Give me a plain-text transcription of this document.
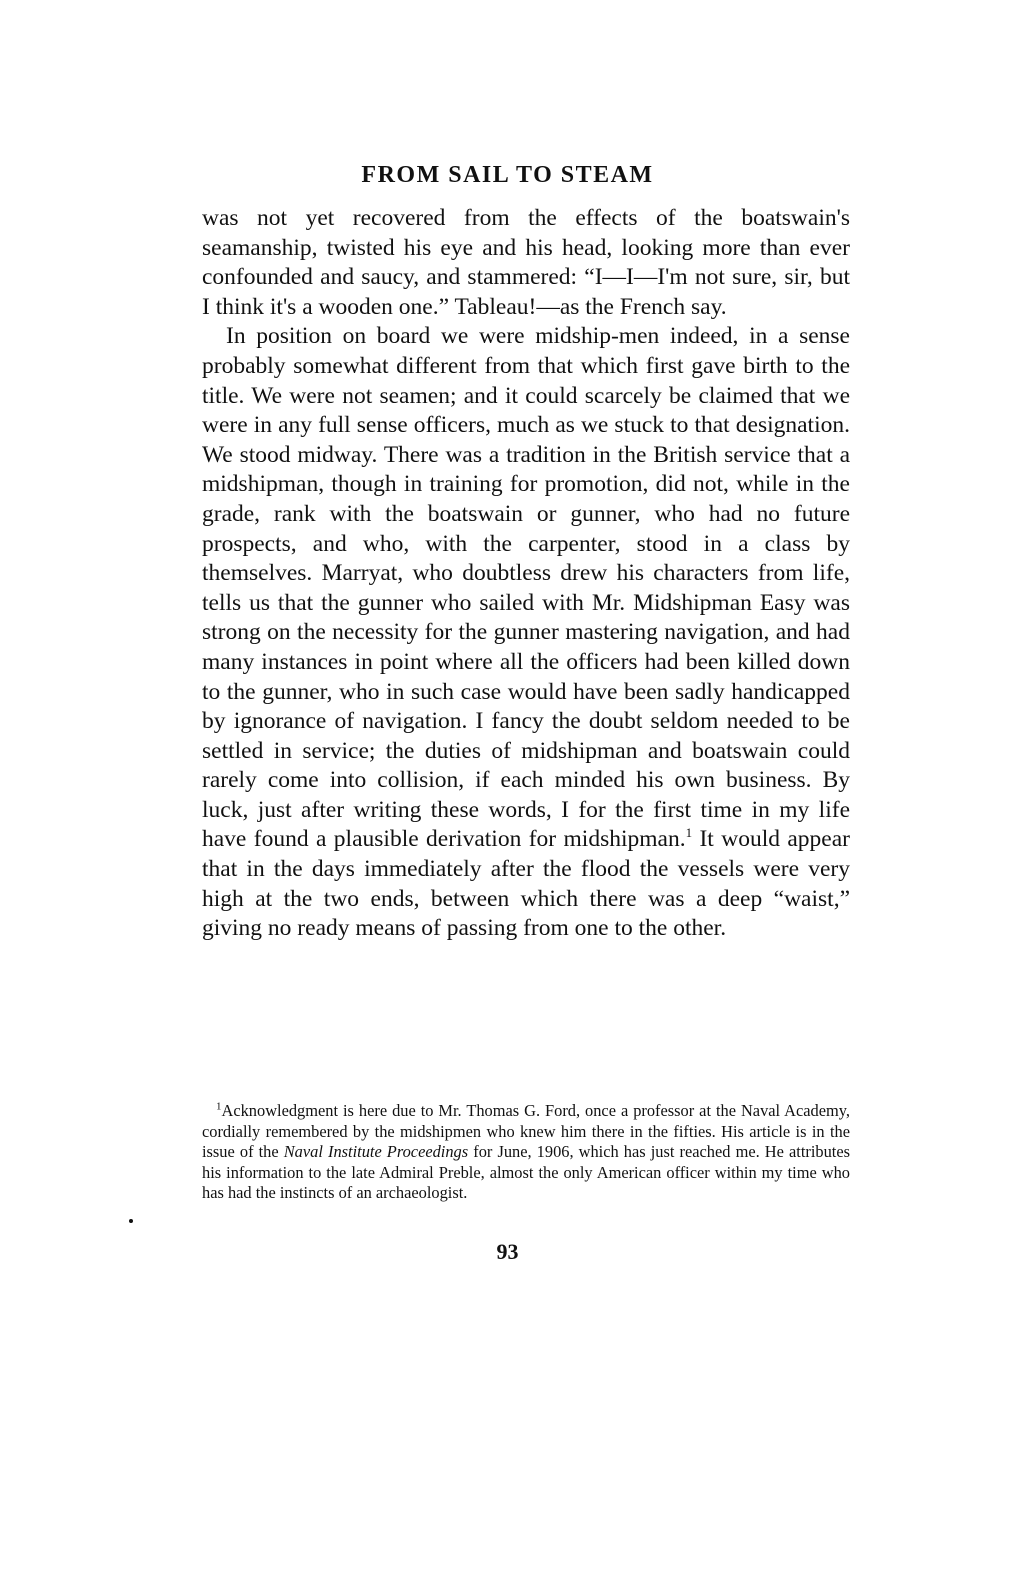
FROM SAIL TO STEAM

was not yet recovered from the effects of the boatswain's seamanship, twisted his eye and his head, looking more than ever confounded and saucy, and stammered: “I—I—I'm not sure, sir, but I think it's a wooden one.” Tableau!—as the French say.

In position on board we were midship-men indeed, in a sense probably somewhat different from that which first gave birth to the title. We were not seamen; and it could scarcely be claimed that we were in any full sense officers, much as we stuck to that designation. We stood midway. There was a tradition in the British service that a midshipman, though in training for promotion, did not, while in the grade, rank with the boatswain or gunner, who had no future prospects, and who, with the carpenter, stood in a class by themselves. Marryat, who doubtless drew his characters from life, tells us that the gunner who sailed with Mr. Midshipman Easy was strong on the necessity for the gunner mastering navigation, and had many instances in point where all the officers had been killed down to the gunner, who in such case would have been sadly handicapped by ignorance of navigation. I fancy the doubt seldom needed to be settled in service; the duties of midshipman and boatswain could rarely come into collision, if each minded his own business. By luck, just after writing these words, I for the first time in my life have found a plausible derivation for midshipman.$^1$ It would appear that in the days immediately after the flood the vessels were very high at the two ends, between which there was a deep “waist,” giving no ready means of passing from one to the other.

$^1$Acknowledgment is here due to Mr. Thomas G. Ford, once a professor at the Naval Academy, cordially remembered by the midshipmen who knew him there in the fifties. His article is in the issue of the Naval Institute Proceedings for June, 1906, which has just reached me. He attributes his information to the late Admiral Preble, almost the only American officer within my time who has had the instincts of an archaeologist.

93
